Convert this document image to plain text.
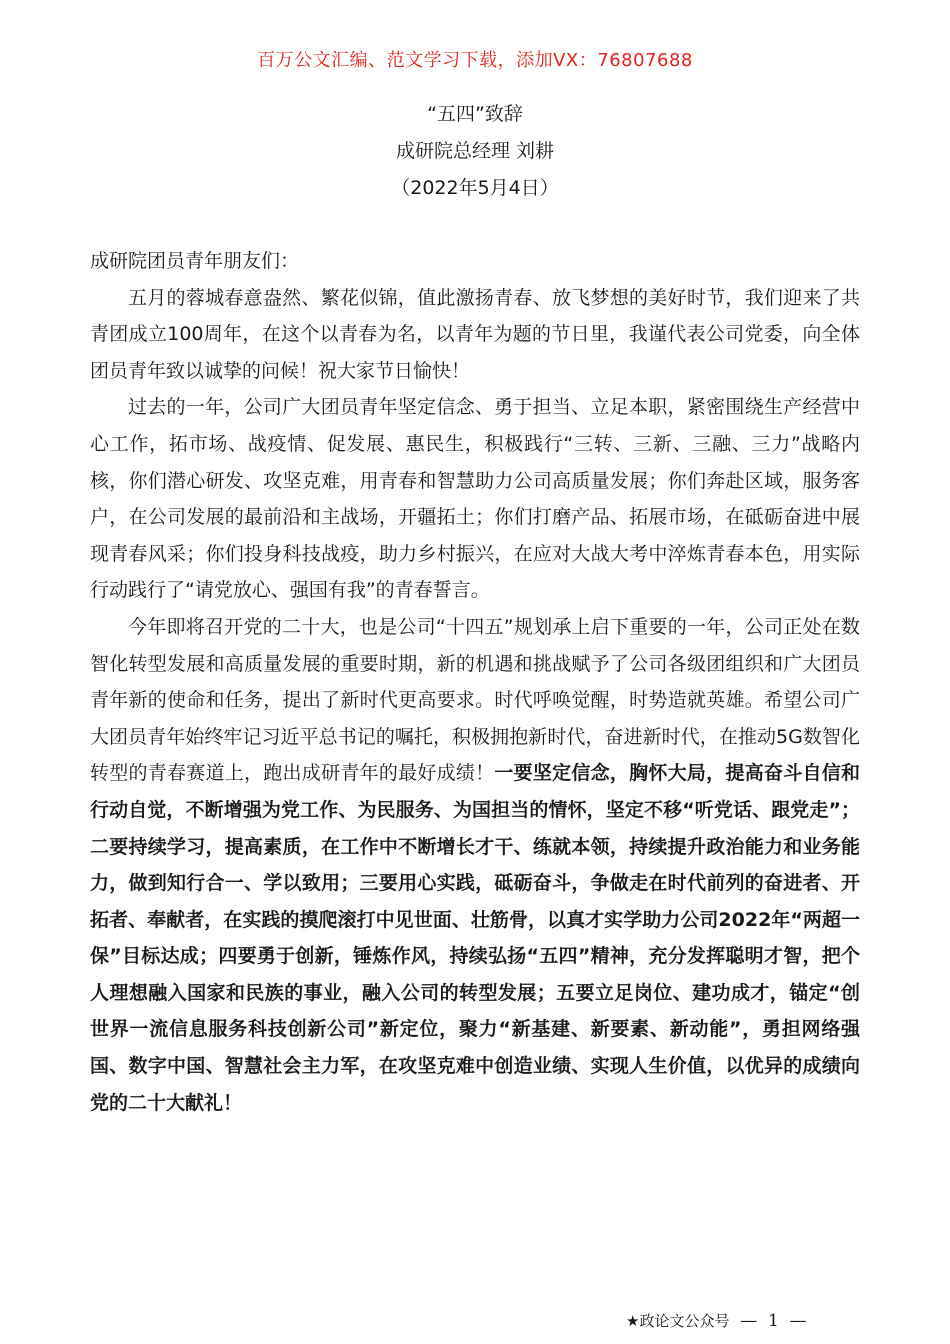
百万公文汇编、范文学习下载，添加VX：76807688
“五四”致辞
成研院总经理 刘耕
（2022年5月4日）

成研院团员青年朋友们：

五月的蓉城春意盎然、繁花似锦，值此激扬青春、放飞梦想的美好时节，我们迎来了共青团成立100周年，在这个以青春为名，以青年为题的节日里，我谨代表公司党委，向全体团员青年致以诚挚的问候！祝大家节日愉快！

过去的一年，公司广大团员青年坚定信念、勇于担当、立足本职，紧密围绕生产经营中心工作，拓市场、战疫情、促发展、惠民生，积极践行“三转、三新、三融、三力”战略内核，你们潜心研发、攻坚克难，用青春和智慧助力公司高质量发展；你们奔赴区域，服务客户，在公司发展的最前沿和主战场，开疆拓土；你们打磨产品、拓展市场，在砥砺奋进中展现青春风采；你们投身科技战疫，助力乡村振兴，在应对大战大考中淬炼青春本色，用实际行动践行了“请党放心、强国有我”的青春誓言。

今年即将召开党的二十大，也是公司“十四五”规划承上启下重要的一年，公司正处在数智化转型发展和高质量发展的重要时期，新的机遇和挑战赋予了公司各级团组织和广大团员青年新的使命和任务，提出了新时代更高要求。时代呼唤觉醒，时势造就英雄。希望公司广大团员青年始终牢记习近平总书记的嘱托，积极拥抱新时代，奋进新时代，在推动5G数智化转型的青春赛道上，跑出成研青年的最好成绩！一要坚定信念，胸怀大局，提高奋斗自信和行动自觉，不断增强为党工作、为民服务、为国担当的情怀，坚定不移“听党话、跟党走”；二要持续学习，提高素质，在工作中不断增长才干、练就本领，持续提升政治能力和业务能力，做到知行合一、学以致用；三要用心实践，砥砺奋斗，争做走在时代前列的奋进者、开拓者、奉献者，在实践的摸爬滚打中见世面、壮筋骨，以真才实学助力公司2022年“两超一保”目标达成；四要勇于创新，锤炼作风，持续弘扬“五四”精神，充分发挥聪明才智，把个人理想融入国家和民族的事业，融入公司的转型发展；五要立足岗位、建功成才，锚定“创世界一流信息服务科技创新公司”新定位，聚力“新基建、新要素、新动能”，勇担网络强国、数字中国、智慧社会主力军，在攻坚克难中创造业绩、实现人生价值，以优异的成绩向党的二十大献礼！

★政论文公众号 — 1 —
